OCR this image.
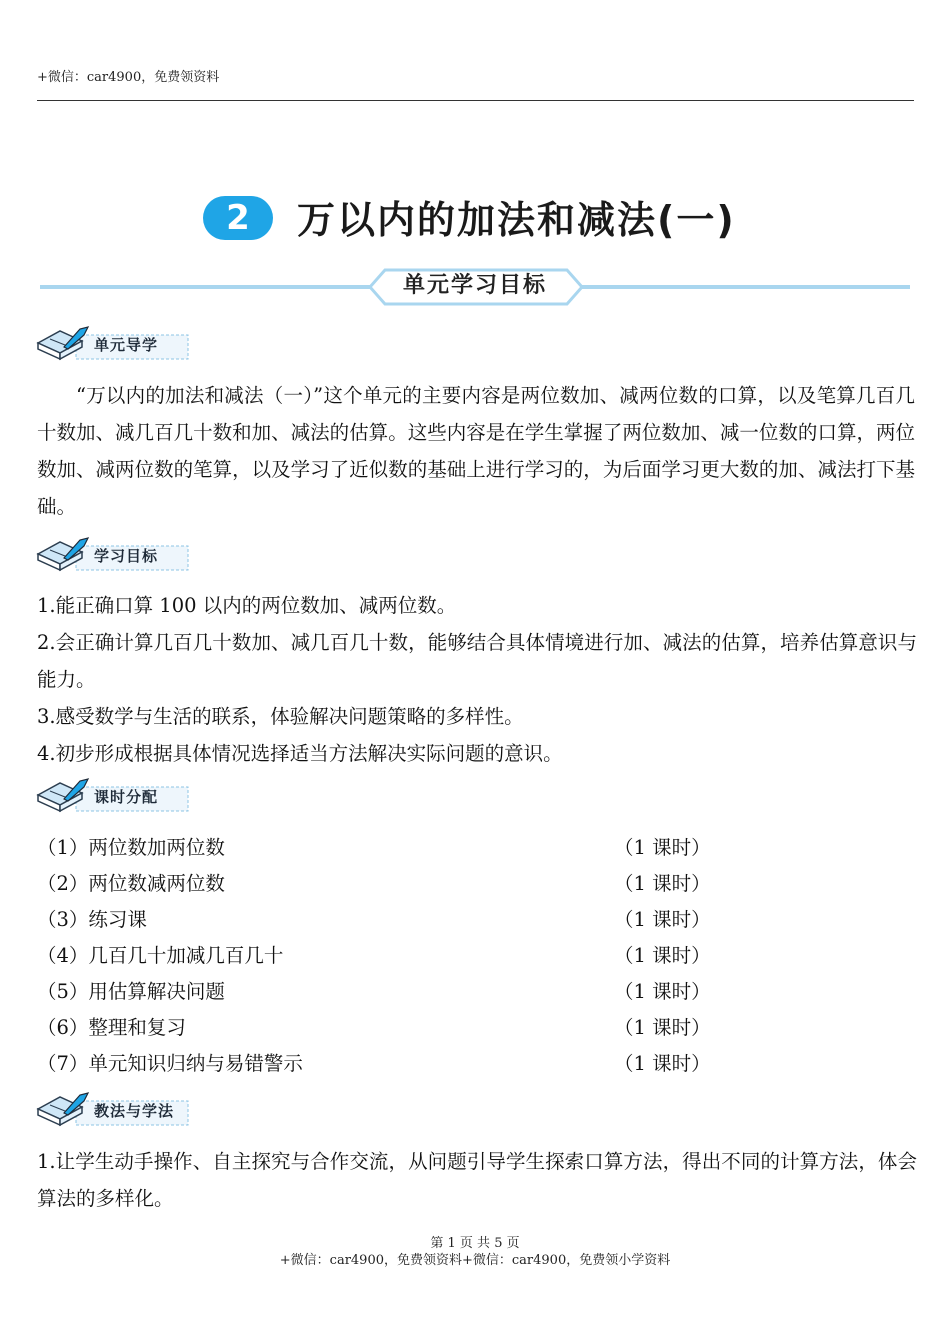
+微信：car4900，免费领资料
2	万以内的加法和减法(一)
单元学习目标
单元导学

“万以内的加法和减法（一）”这个单元的主要内容是两位数加、减两位数的口算，以及笔算几百几十数加、减几百几十数和加、减法的估算。这些内容是在学生掌握了两位数加、减一位数的口算，两位数加、减两位数的笔算，以及学习了近似数的基础上进行学习的，为后面学习更大数的加、减法打下基础。

学习目标
1.能正确口算 100 以内的两位数加、减两位数。
2.会正确计算几百几十数加、减几百几十数，能够结合具体情境进行加、减法的估算，培养估算意识与能力。
3.感受数学与生活的联系，体验解决问题策略的多样性。
4.初步形成根据具体情况选择适当方法解决实际问题的意识。
课时分配
（1）两位数加两位数	（1 课时）
（2）两位数减两位数	（1 课时）
（3）练习课	（1 课时）
（4）几百几十加减几百几十	（1 课时）
（5）用估算解决问题	（1 课时）
（6）整理和复习	（1 课时）
（7）单元知识归纳与易错警示	（1 课时）
教法与学法
1.让学生动手操作、自主探究与合作交流，从问题引导学生探索口算方法，得出不同的计算方法，体会算法的多样化。
第 1 页 共 5 页
+微信：car4900，免费领资料+微信：car4900，免费领小学资料
